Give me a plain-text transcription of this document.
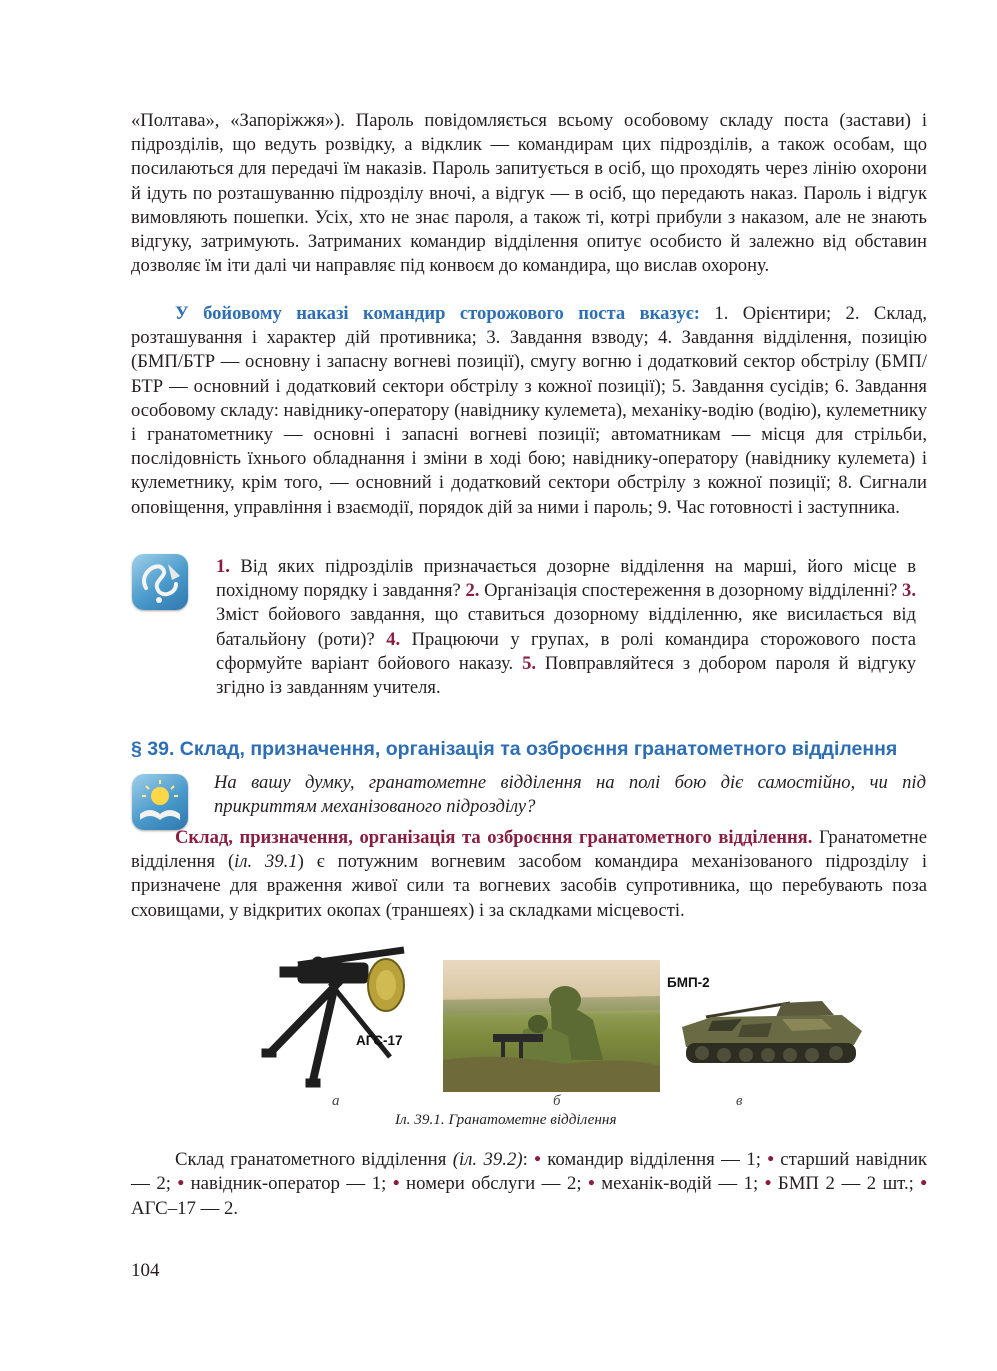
«Полтава», «Запоріжжя»). Пароль повідомляється всьому особовому складу поста (застави) і підрозділів, що ведуть розвідку, а відклик — командирам цих підрозділів, а також особам, що посилаються для передачі їм наказів. Пароль запитується в осіб, що проходять через лінію охорони й ідуть по розташуванню підрозділу вночі, а відгук — в осіб, що передають наказ. Пароль і відгук вимовляють пошепки. Усіх, хто не знає пароля, а також ті, котрі прибули з наказом, але не знають відгуку, затримують. Затриманих командир відділення опитує особисто й залежно від обставин дозволяє їм іти далі чи направляє під конвоєм до командира, що вислав охорону.

У бойовому наказі командир сторожового поста вказує: 1. Орієнтири; 2. Склад, розташування і характер дій противника; 3. Завдання взводу; 4. Завдання відділення, позицію (БМП/БТР — основну і запасну вогневі позиції), смугу вогню і додатковий сектор обстрілу (БМП/БТР — основний і додатковий сектори обстрілу з кожної позиції); 5. Завдання сусідів; 6. Завдання особовому складу: навіднику-оператору (навіднику кулемета), механіку-водію (водію), кулеметнику і гранатометнику — основні і запасні вогневі позиції; автоматникам — місця для стрільби, послідовність їхнього обладнання і зміни в ході бою; навіднику-оператору (навіднику кулемета) і кулеметнику, крім того, — основний і додатковий сектори обстрілу з кожної позиції; 8. Сигнали оповіщення, управління і взаємодії, порядок дій за ними і пароль; 9. Час готовності і заступника.

1. Від яких підрозділів призначається дозорне відділення на марші, його місце в похідному порядку і завдання? 2. Організація спостереження в дозорному відділенні? 3. Зміст бойового завдання, що ставиться дозорному відділенню, яке висилається від батальйону (роти)? 4. Працюючи у групах, в ролі командира сторожового поста сформуйте варіант бойового наказу. 5. Повправляйтеся з добором пароля й відгуку згідно із завданням учителя.
§ 39. Склад, призначення, організація та озброєння гранатометного відділення
На вашу думку, гранатометне відділення на полі бою діє самостійно, чи під прикриттям механізованого підрозділу?

Склад, призначення, організація та озброєння гранатометного відділення. Гранатометне відділення (іл. 39.1) є потужним вогневим засобом командира механізованого підрозділу і призначене для враження живої сили та вогневих засобів супротивника, що перебувають поза сховищами, у відкритих окопах (траншеях) і за складками місцевості.

АГС-17
а	б
БМП-2
в
Іл. 39.1. Гранатометне відділення

Склад гранатометного відділення (іл. 39.2): • командир відділення — 1; • старший навідник — 2; • навідник-оператор — 1; • номери обслуги — 2; • механік-водій — 1; • БМП 2 — 2 шт.; • АГС–17 — 2.

104
